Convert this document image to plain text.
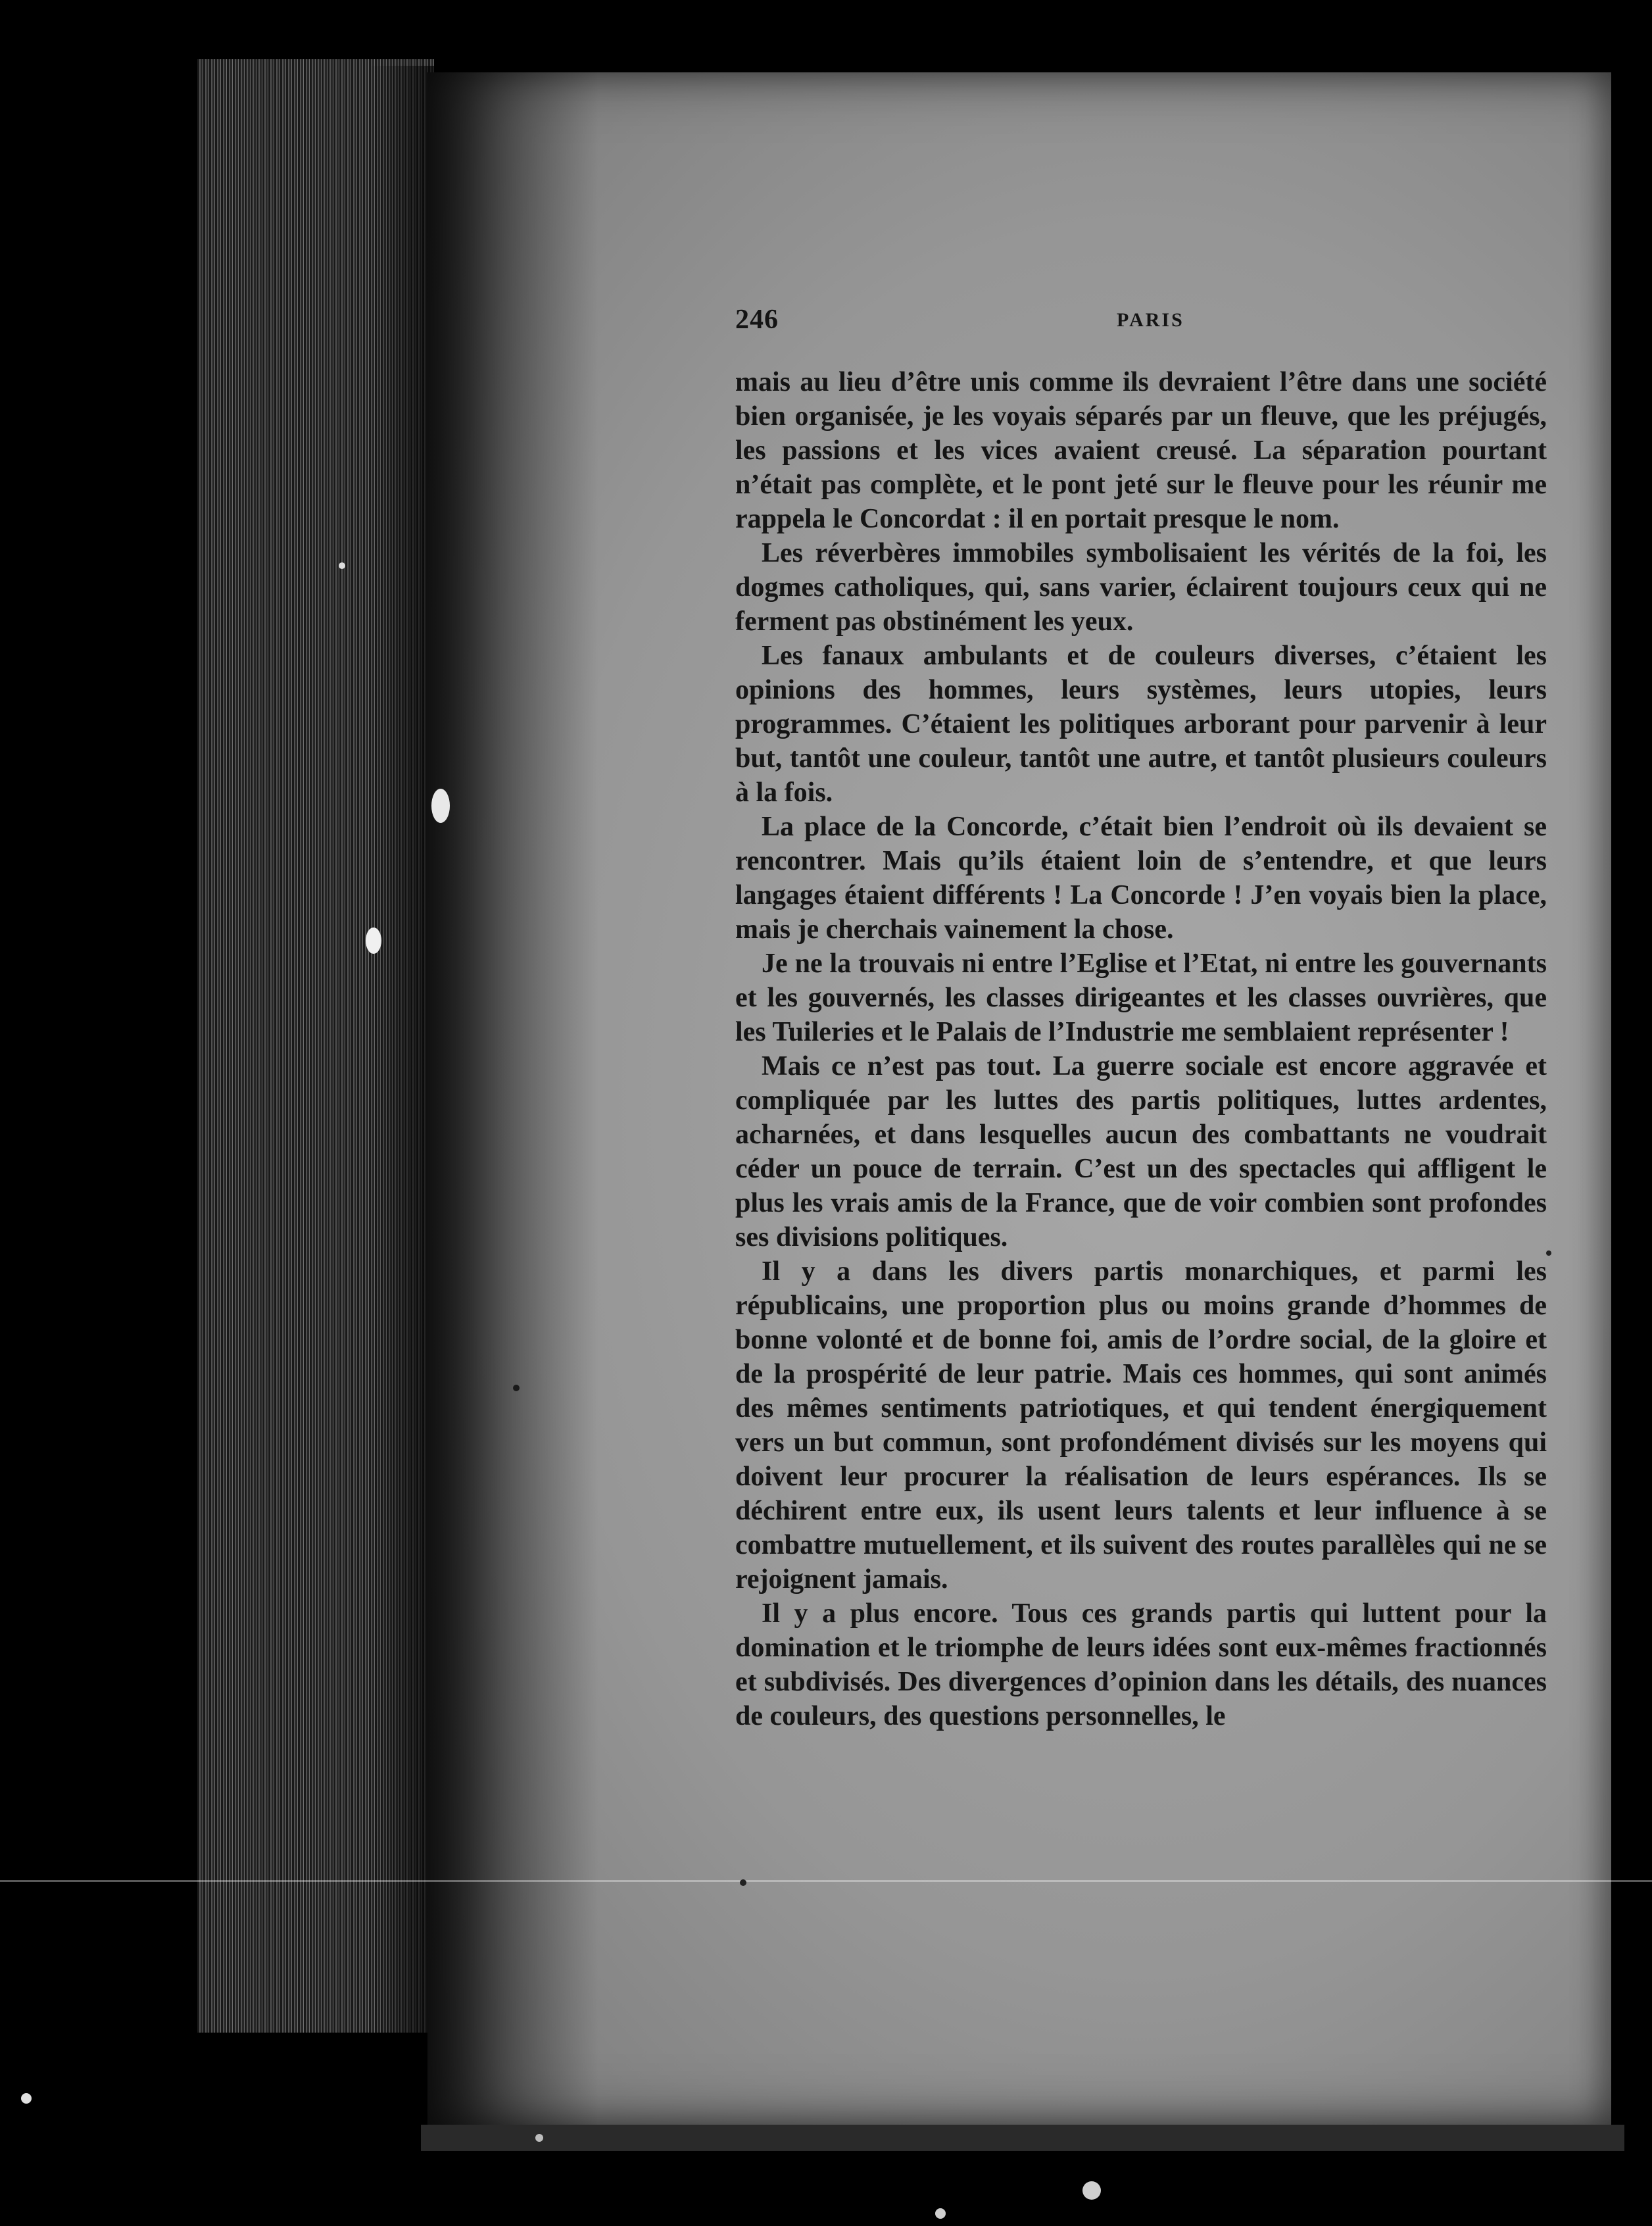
246	PARIS

mais au lieu d’être unis comme ils devraient l’être dans une société bien organisée, je les voyais séparés par un fleuve, que les préjugés, les passions et les vices avaient creusé. La séparation pourtant n’était pas complète, et le pont jeté sur le fleuve pour les réunir me rappela le Concordat : il en portait presque le nom.

Les réverbères immobiles symbolisaient les vérités de la foi, les dogmes catholiques, qui, sans varier, éclairent toujours ceux qui ne ferment pas obstinément les yeux.

Les fanaux ambulants et de couleurs diverses, c’étaient les opinions des hommes, leurs systèmes, leurs utopies, leurs programmes. C’étaient les politiques arborant pour parvenir à leur but, tantôt une couleur, tantôt une autre, et tantôt plusieurs couleurs à la fois.

La place de la Concorde, c’était bien l’endroit où ils devaient se rencontrer. Mais qu’ils étaient loin de s’entendre, et que leurs langages étaient différents ! La Concorde ! J’en voyais bien la place, mais je cherchais vainement la chose.

Je ne la trouvais ni entre l’Eglise et l’Etat, ni entre les gouvernants et les gouvernés, les classes dirigeantes et les classes ouvrières, que les Tuileries et le Palais de l’Industrie me semblaient représenter !

Mais ce n’est pas tout. La guerre sociale est encore aggravée et compliquée par les luttes des partis politiques, luttes ardentes, acharnées, et dans lesquelles aucun des combattants ne voudrait céder un pouce de terrain. C’est un des spectacles qui affligent le plus les vrais amis de la France, que de voir combien sont profondes ses divisions politiques.

Il y a dans les divers partis monarchiques, et parmi les républicains, une proportion plus ou moins grande d’hommes de bonne volonté et de bonne foi, amis de l’ordre social, de la gloire et de la prospérité de leur patrie. Mais ces hommes, qui sont animés des mêmes sentiments patriotiques, et qui tendent énergiquement vers un but commun, sont profondément divisés sur les moyens qui doivent leur procurer la réalisation de leurs espérances. Ils se déchirent entre eux, ils usent leurs talents et leur influence à se combattre mutuellement, et ils suivent des routes parallèles qui ne se rejoignent jamais.

Il y a plus encore. Tous ces grands partis qui luttent pour la domination et le triomphe de leurs idées sont eux-mêmes fractionnés et subdivisés. Des divergences d’opinion dans les détails, des nuances de couleurs, des questions personnelles, le
